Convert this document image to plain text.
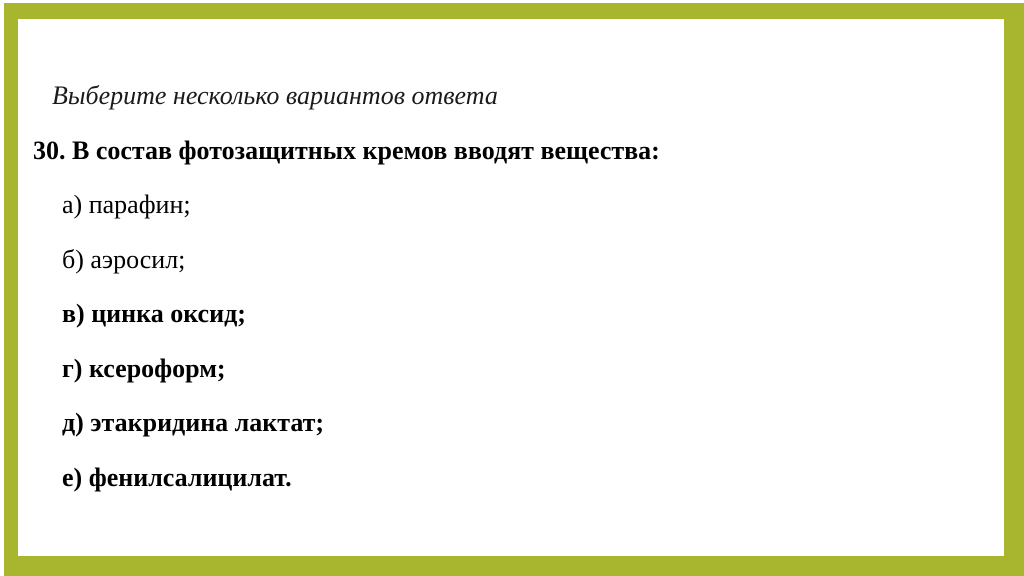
Выберите несколько вариантов ответа
30. В состав фотозащитных кремов вводят вещества:
а) парафин;
б) аэросил;
в) цинка оксид;
г) ксероформ;
д) этакридина лактат;
е) фенилсалицилат.
